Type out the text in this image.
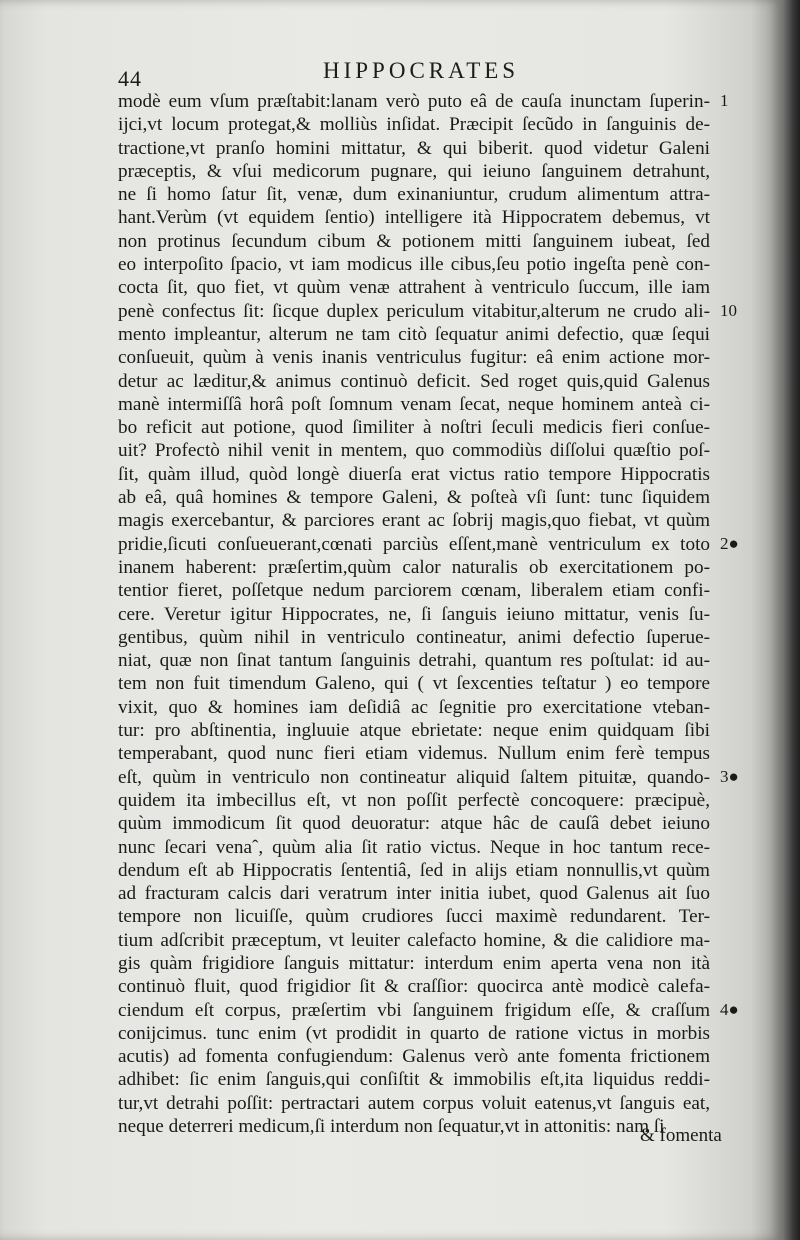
44	HIPPOCRATES
modè eum vſum præſtabit:lanam verò puto eâ de cauſa inunctam ſuperin-
ijci,vt locum protegat,& molliùs inſidat. Præcipit ſecũdo in ſanguinis de-
tractione,vt pranſo homini mittatur, & qui biberit. quod videtur Galeni
præceptis, & vſui medicorum pugnare, qui ieiuno ſanguinem detrahunt,
ne ſi homo ſatur ſit, venæ, dum exinaniuntur, crudum alimentum attra-
hant.Verùm (vt equidem ſentio) intelligere ità Hippocratem debemus, vt
non protinus ſecundum cibum & potionem mitti ſanguinem iubeat, ſed
eo interpoſito ſpacio, vt iam modicus ille cibus,ſeu potio ingeſta penè con-
cocta ſit, quo fiet, vt quùm venæ attrahent à ventriculo ſuccum, ille iam
penè confectus ſit: ſicque duplex periculum vitabitur,alterum ne crudo ali-
mento impleantur, alterum ne tam citò ſequatur animi defectio, quæ ſequi
conſueuit, quùm à venis inanis ventriculus fugitur: eâ enim actione mor-
detur ac læditur,& animus continuò deficit. Sed roget quis,quid Galenus
manè intermiſſâ horâ poſt ſomnum venam ſecat, neque hominem anteà ci-
bo reficit aut potione, quod ſimiliter à noſtri ſeculi medicis fieri conſue-
uit? Profectò nihil venit in mentem, quo commodiùs diſſolui quæſtio poſ-
ſit, quàm illud, quòd longè diuerſa erat victus ratio tempore Hippocratis
ab eâ, quâ homines & tempore Galeni, & poſteà vſi ſunt: tunc ſiquidem
magis exercebantur, & parciores erant ac ſobrij magis,quo fiebat, vt quùm
pridie,ſicuti conſueuerant,cœnati parciùs eſſent,manè ventriculum ex toto
inanem haberent: præſertim,quùm calor naturalis ob exercitationem po-
tentior fieret, poſſetque nedum parciorem cœnam, liberalem etiam confi-
cere. Veretur igitur Hippocrates, ne, ſi ſanguis ieiuno mittatur, venis ſu-
gentibus, quùm nihil in ventriculo contineatur, animi defectio ſuperue-
niat, quæ non ſinat tantum ſanguinis detrahi, quantum res poſtulat: id au-
tem non fuit timendum Galeno, qui ( vt ſexcenties teſtatur ) eo tempore
vixit, quo & homines iam deſidiâ ac ſegnitie pro exercitatione vteban-
tur: pro abſtinentia, ingluuie atque ebrietate: neque enim quidquam ſibi
temperabant, quod nunc fieri etiam videmus. Nullum enim ferè tempus
eſt, quùm in ventriculo non contineatur aliquid ſaltem pituitæ, quando-
quidem ita imbecillus eſt, vt non poſſit perfectè concoquere: præcipuè,
quùm immodicum ſit quod deuoratur: atque hâc de cauſâ debet ieiuno
nunc ſecari venaˆ, quùm alia ſit ratio victus. Neque in hoc tantum rece-
dendum eſt ab Hippocratis ſententiâ, ſed in alijs etiam nonnullis,vt quùm
ad fracturam calcis dari veratrum inter initia iubet, quod Galenus ait ſuo
tempore non licuiſſe, quùm crudiores ſucci maximè redundarent. Ter-
tium adſcribit præceptum, vt leuiter calefacto homine, & die calidiore ma-
gis quàm frigidiore ſanguis mittatur: interdum enim aperta vena non ità
continuò fluit, quod frigidior ſit & craſſior: quocirca antè modicè calefa-
ciendum eſt corpus, præſertim vbi ſanguinem frigidum eſſe, & craſſum
conijcimus. tunc enim (vt prodidit in quarto de ratione victus in morbis
acutis) ad fomenta confugiendum: Galenus verò ante fomenta frictionem
adhibet: ſic enim ſanguis,qui conſiſtit & immobilis eſt,ita liquidus reddi-
tur,vt detrahi poſſit: pertractari autem corpus voluit eatenus,vt ſanguis eat,
neque deterreri medicum,ſi interdum non ſequatur,vt in attonitis: nam ſi
1
10
2●
3●
4●
& fomenta
